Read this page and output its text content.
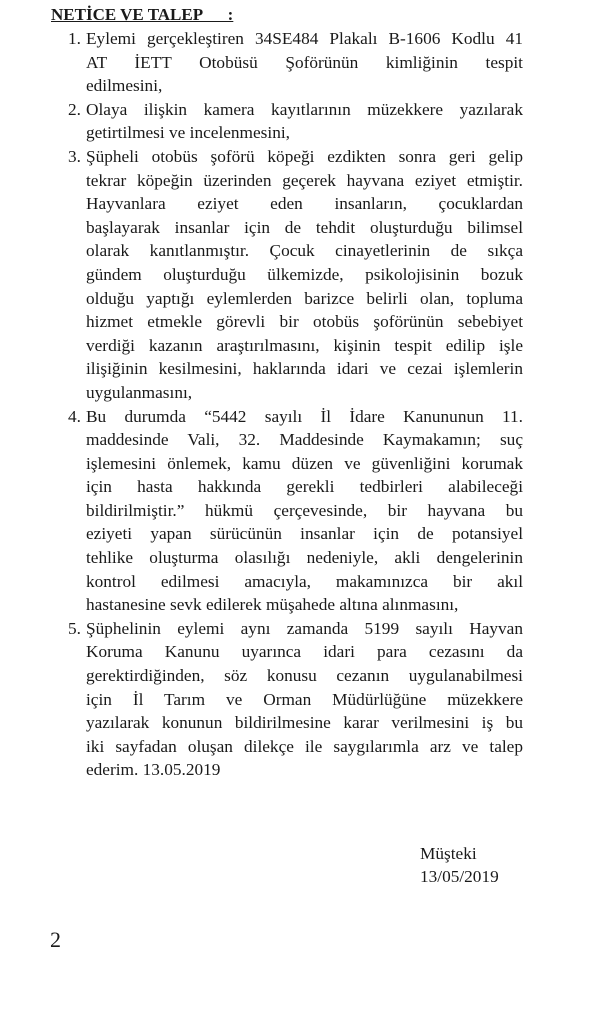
NETİCE VE TALEP      :
1. Eylemi gerçekleştiren 34SE484 Plakalı B-1606 Kodlu 41
AT İETT Otobüsü Şoförünün kimliğinin tespit
edilmesini,
2. Olaya ilişkin kamera kayıtlarının müzekkere yazılarak
getirtilmesi ve incelenmesini,
3. Şüpheli otobüs şoförü köpeği ezdikten sonra geri gelip
tekrar köpeğin üzerinden geçerek hayvana eziyet etmiştir.
Hayvanlara eziyet eden insanların, çocuklardan
başlayarak insanlar için de tehdit oluşturduğu bilimsel
olarak kanıtlanmıştır. Çocuk cinayetlerinin de sıkça
gündem oluşturduğu ülkemizde, psikolojisinin bozuk
olduğu yaptığı eylemlerden barizce belirli olan, topluma
hizmet etmekle görevli bir otobüs şoförünün sebebiyet
verdiği kazanın araştırılmasını, kişinin tespit edilip işle
ilişiğinin kesilmesini, haklarında idari ve cezai işlemlerin
uygulanmasını,
4. Bu durumda “5442 sayılı İl İdare Kanununun 11.
maddesinde Vali, 32. Maddesinde Kaymakamın; suç
işlemesini önlemek, kamu düzen ve güvenliğini korumak
için hasta hakkında gerekli tedbirleri alabileceği
bildirilmiştir.” hükmü çerçevesinde, bir hayvana bu
eziyeti yapan sürücünün insanlar için de potansiyel
tehlike oluşturma olasılığı nedeniyle, akli dengelerinin
kontrol edilmesi amacıyla, makamınızca bir akıl
hastanesine sevk edilerek müşahede altına alınmasını,
5. Şüphelinin eylemi aynı zamanda 5199 sayılı Hayvan
Koruma Kanunu uyarınca idari para cezasını da
gerektirdiğinden, söz konusu cezanın uygulanabilmesi
için İl Tarım ve Orman Müdürlüğüne müzekkere
yazılarak konunun bildirilmesine karar verilmesini iş bu
iki sayfadan oluşan dilekçe ile saygılarımla arz ve talep
ederim. 13.05.2019
Müşteki
13/05/2019
2
